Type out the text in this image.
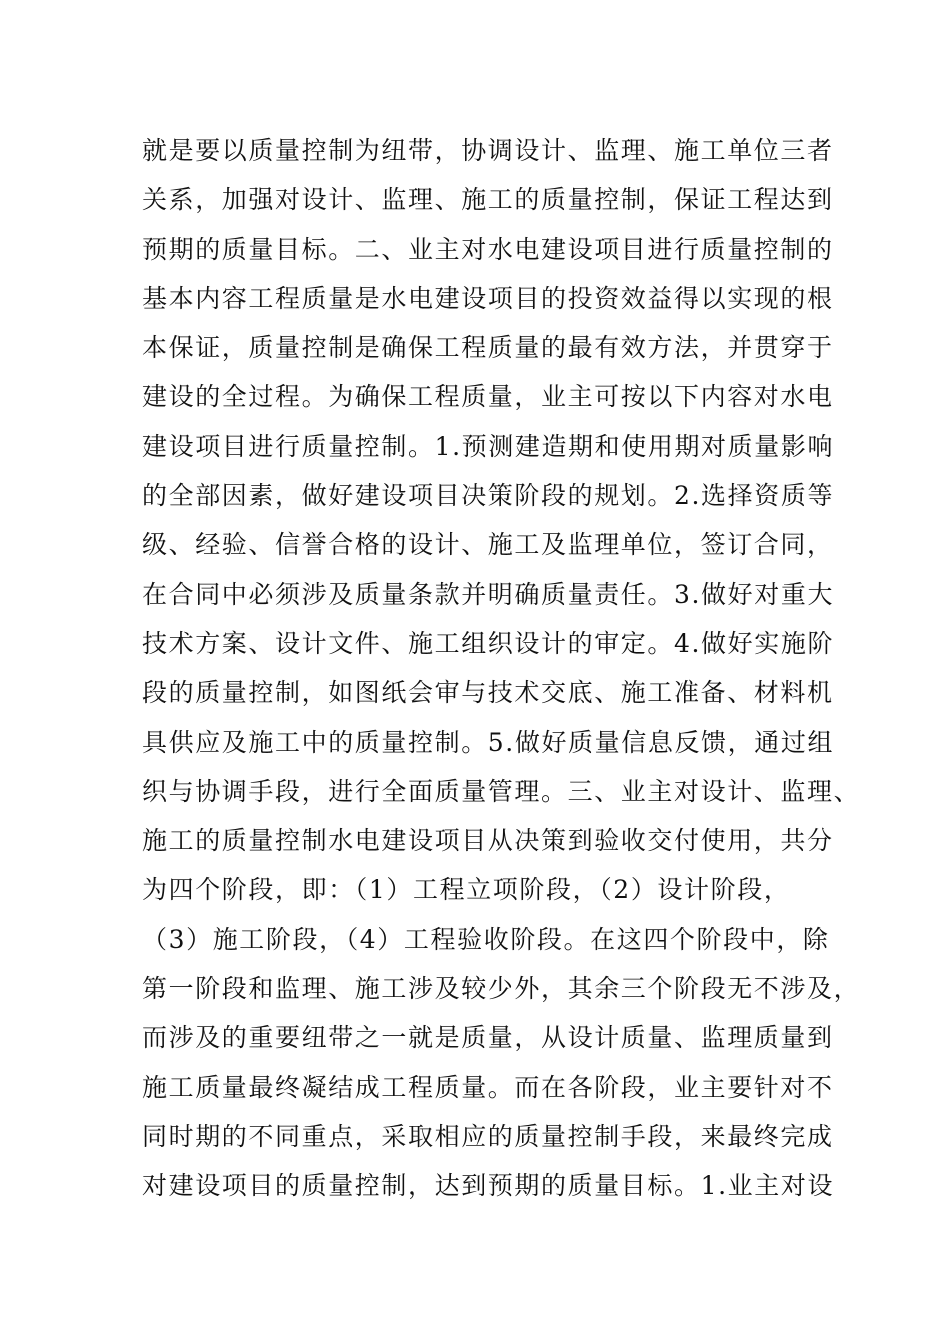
就是要以质量控制为纽带，协调设计、监理、施工单位三者
关系，加强对设计、监理、施工的质量控制，保证工程达到
预期的质量目标。二、业主对水电建设项目进行质量控制的
基本内容工程质量是水电建设项目的投资效益得以实现的根
本保证，质量控制是确保工程质量的最有效方法，并贯穿于
建设的全过程。为确保工程质量，业主可按以下内容对水电
建设项目进行质量控制。1.预测建造期和使用期对质量影响
的全部因素，做好建设项目决策阶段的规划。2.选择资质等
级、经验、信誉合格的设计、施工及监理单位，签订合同，
在合同中必须涉及质量条款并明确质量责任。3.做好对重大
技术方案、设计文件、施工组织设计的审定。4.做好实施阶
段的质量控制，如图纸会审与技术交底、施工准备、材料机
具供应及施工中的质量控制。5.做好质量信息反馈，通过组
织与协调手段，进行全面质量管理。三、业主对设计、监理、
施工的质量控制水电建设项目从决策到验收交付使用，共分
为四个阶段，即：（1）工程立项阶段，（2）设计阶段，
（3）施工阶段，（4）工程验收阶段。在这四个阶段中，除
第一阶段和监理、施工涉及较少外，其余三个阶段无不涉及，
而涉及的重要纽带之一就是质量，从设计质量、监理质量到
施工质量最终凝结成工程质量。而在各阶段，业主要针对不
同时期的不同重点，采取相应的质量控制手段，来最终完成
对建设项目的质量控制，达到预期的质量目标。1.业主对设
